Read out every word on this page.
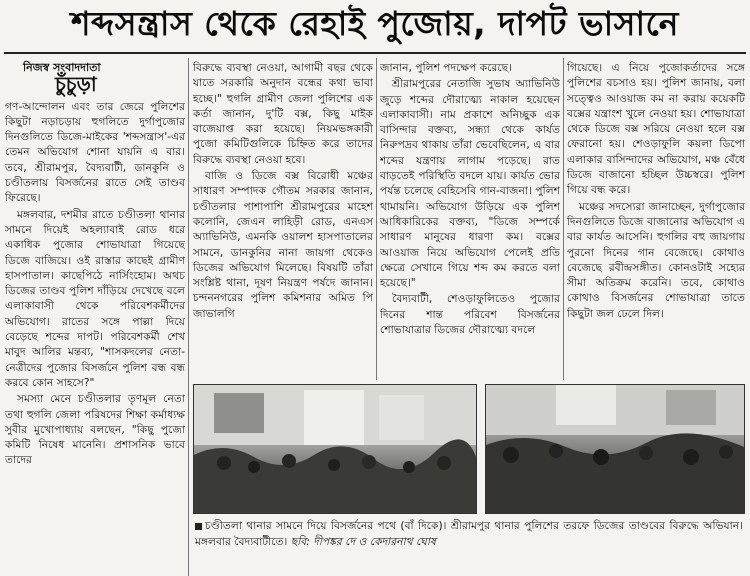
শব্দসন্ত্রাস থেকে রেহাই পুজোয়, দাপট ভাসানে
নিজস্ব সংবাদদাতা
চুঁচুড়া

গণ-আন্দোলন এবং তার জেরে পুলিশের কিছুটা নড়াচড়ায় হুগলিতে দুর্গাপুজোর দিনগুলিতে ডিজে-মাইকের 'শব্দসন্ত্রাস'-এর তেমন অভিযোগ শোনা যায়নি এ বার। তবে, শ্রীরামপুর, বৈদ্যবাটী, ডানকুনি ও চণ্ডীতলায় বিসর্জনের রাতে সেই তাণ্ডব ফিরেছে।

মঙ্গলবার, দশমীর রাতে চণ্ডীতলা থানার সামনে দিয়েই অহল্যাবাই রোড ধরে একাধিক পুজোর শোভাযাত্রা গিয়েছে ডিজে বাজিয়ে। ওই রাস্তার কাছেই গ্রামীণ হাসপাতাল। কাছেপিঠে নার্সিংহোম। অথচ ডিজের তাণ্ডব পুলিশ দাঁড়িয়ে দেখেছে বলে এলাকাবাসী থেকে পরিবেশকর্মীদের অভিযোগ। রাতের সঙ্গে পাল্লা দিয়ে বেড়েছে শব্দের দাপট। পরিবেশকর্মী শেখ মাবুদ আলির মন্তব্য, "শাসকদলের নেতা-নেত্রীদের পুজোর বিসর্জনে পুলিশ বন্ধ বন্ধ করবে কোন সাহসে?"

সমস্যা মেনে চণ্ডীতলার তৃণমূল নেতা তথা হুগলি জেলা পরিষদের শিক্ষা কর্মাধ্যক্ষ সুবীর মুখোপাধ্যায় বলছেন, "কিছু পুজো কমিটি নিষেধ মানেনি। প্রশাসনিক ভাবে তাদের

বিরুদ্ধে ব্যবস্থা নেওয়া, আগামী বছর থেকে যাতে সরকারি অনুদান বন্ধের কথা ভাবা হচ্ছে।" হুগলি গ্রামীণ জেলা পুলিশের এক কর্তা জানান, দু'টি বক্স, কিছু মাইক বাজেয়াপ্ত করা হয়েছে। নিয়মভঙ্গকারী পুজো কমিটিগুলিকে চিহ্নিত করে তাদের বিরুদ্ধে ব্যবস্থা নেওয়া হবে।

বাজি ও ডিজে বক্স বিরোধী মঞ্চের সাধারণ সম্পাদক গৌতম সরকার জানান, চণ্ডীতলার পাশাপাশি শ্রীরামপুরের মাহেশ কলোনি, জেএন লাহিড়ী রোড, এনএস অ্যাভিনিউ, এমনকি ওয়ালশ হাসপাতালের সামনে, ডানকুনির নানা জায়গা থেকেও ডিজের অভিযোগ মিলেছে। বিষয়টি তাঁরা সংশ্লিষ্ট থানা, দূষণ নিয়ন্ত্রণ পর্ষদে জানান। চন্দননগরের পুলিশ কমিশনার অমিত পি জাভালগি

জানান, পুলিশ পদক্ষেপ করেছে।

শ্রীরামপুরের নেতাজি সুভাষ অ্যাভিনিউ জুড়ে শব্দের দৌরাত্ম্যে নাকাল হয়েছেন এলাকাবাসী। নাম প্রকাশে অনিচ্ছুক এক বাসিন্দার বক্তব্য, সন্ধ্যা থেকে কার্যত নিরুপদ্রব থাকায় তাঁরা ভেবেছিলেন, এ বার শব্দের যন্ত্রণায় লাগাম পড়েছে। রাত বাড়তেই পরিস্থিতি বদলে যায়। কার্যত ভোর পর্যন্ত চলেছে বেহিসেবি গান-বাজনা। পুলিশ থামায়নি। অভিযোগ উড়িয়ে এক পুলিশ আধিকারিকের বক্তব্য, "ডিজে সম্পর্কে সাধারণ মানুষের ধারণা কম। বক্সের আওয়াজ নিয়ে অভিযোগ পেলেই প্রতি ক্ষেত্রে সেখানে গিয়ে শব্দ কম করতে বলা হয়েছে।"

বৈদ্যবাটী, শেওড়াফুলিতেও পুজোর দিনের শান্ত পরিবেশ বিসর্জনের শোভাযাত্রার ডিজের দৌরাত্ম্যে বদলে

গিয়েছে। এ নিয়ে পুজোকর্তাদের সঙ্গে পুলিশের বচসাও হয়। পুলিশ জানায়, বলা সত্ত্বেও আওয়াজ কম না করায় কয়েকটি বক্সের যন্ত্রাংশ খুলে নেওয়া হয়। শোভাযাত্রা থেকে ডিজে বক্স সরিয়ে নেওয়া হলে বক্স ফেরানো হয়। শেওড়াফুলি কয়লা ডিপো এলাকার বাসিন্দাদের অভিযোগ, মঞ্চ বেঁধে ডিজে বাজানো হচ্ছিল উচ্চস্বরে। পুলিশ গিয়ে বন্ধ করে।

মঞ্চের সদস্যেরা জানাচ্ছেন, দুর্গাপুজোর দিনগুলিতে ডিজে বাজানোর অভিযোগ এ বার কার্যত আসেনি। হুগলির বহু জায়গায় পুরনো দিনের গান বেজেছে। কোথাও বেজেছে রবীন্দ্রসঙ্গীত। কোনওটাই সহ্যের সীমা অতিক্রম করেনি। তবে, কোথাও কোথাও বিসর্জনের শোভাযাত্রা তাতে কিছুটা জল ঢেলে দিল।

চণ্ডীতলা থানার সামনে দিয়ে বিসর্জনের পথে (বাঁ দিকে)। শ্রীরামপুর থানার পুলিশের তরফে ডিজের তাণ্ডবের বিরুদ্ধে অভিযান। মঙ্গলবার বৈদ্যবাটীতে। ছবি: দীপঙ্কর দে ও কেদারনাথ ঘোষ
